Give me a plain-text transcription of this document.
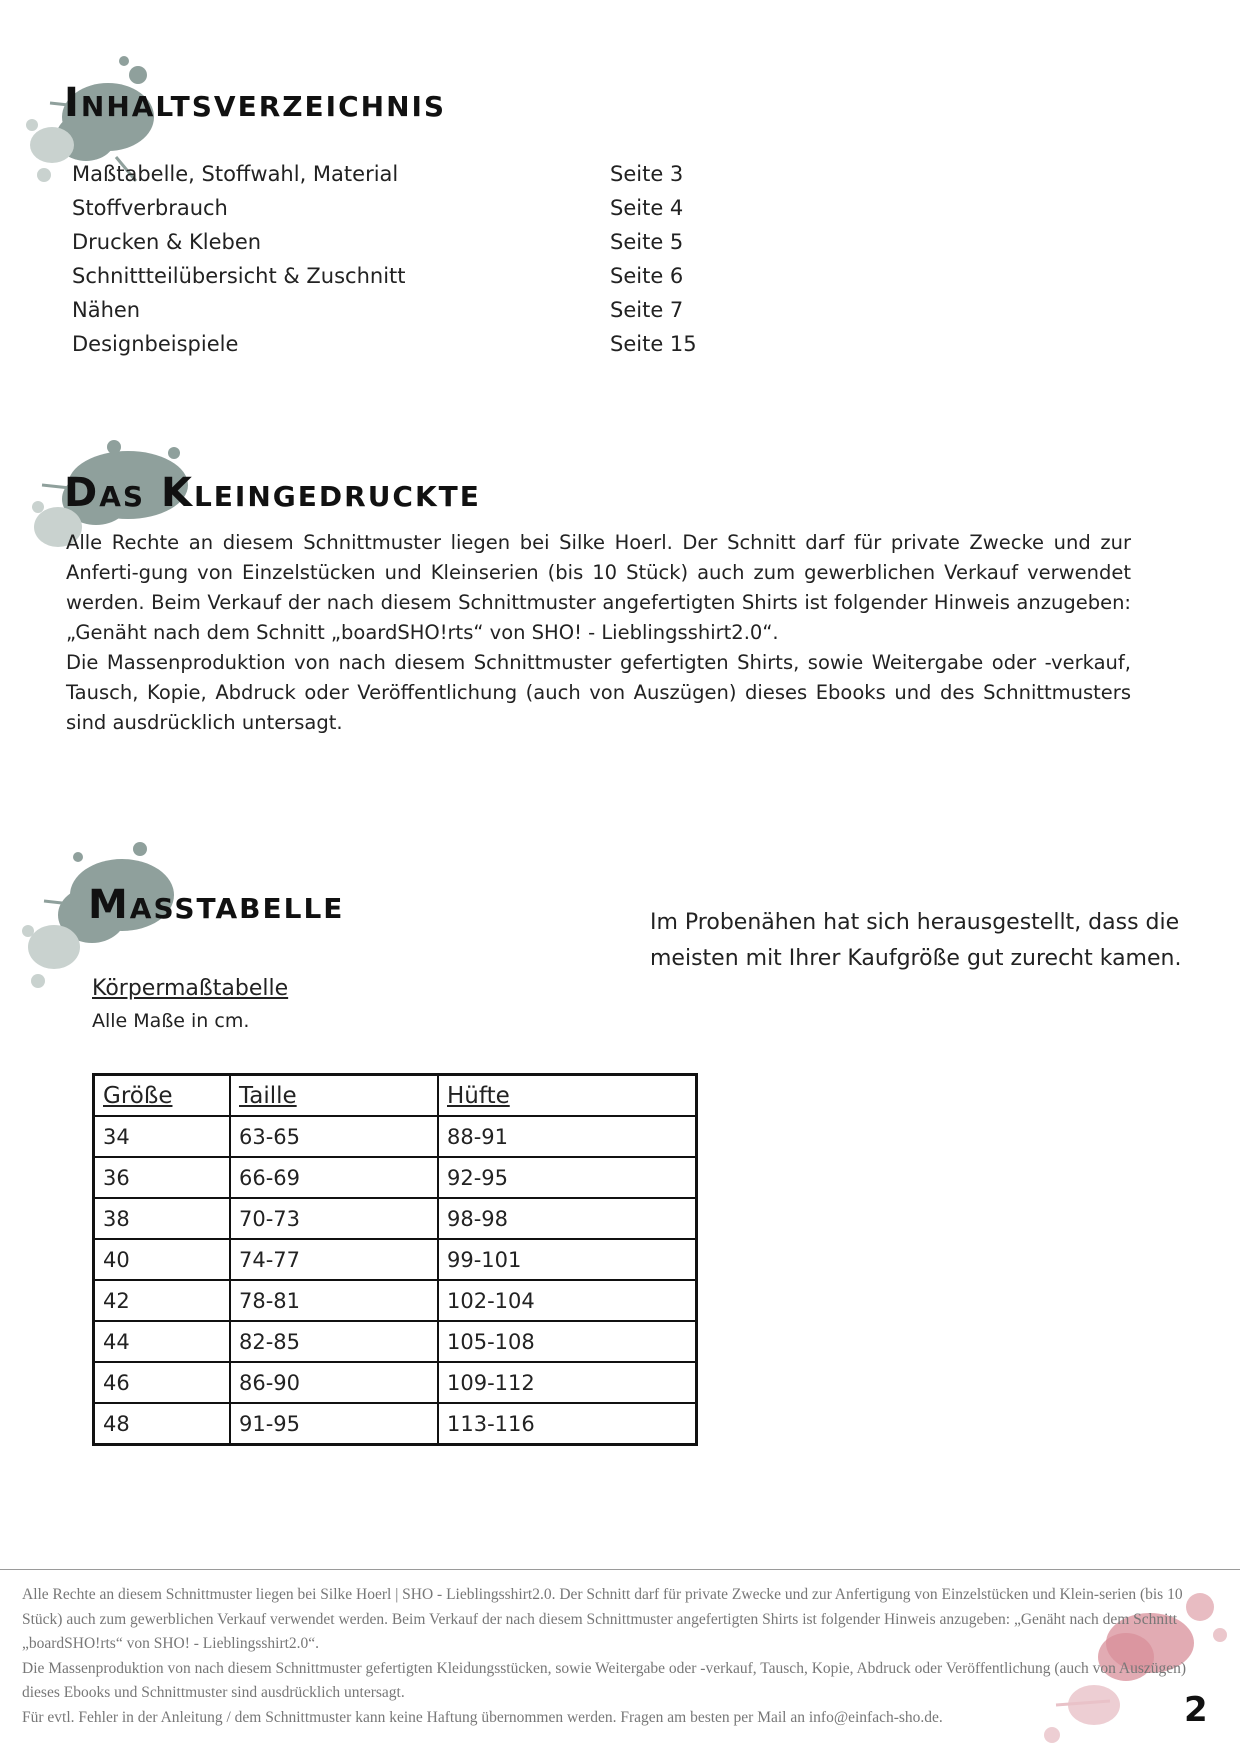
Inhaltsverzeichnis
Maßtabelle, Stoffwahl, Material	Seite 3
Stoffverbrauch	Seite 4
Drucken & Kleben	Seite 5
Schnittteilübersicht & Zuschnitt	Seite 6
Nähen	Seite 7
Designbeispiele	Seite 15
Das Kleingedruckte

Alle Rechte an diesem Schnittmuster liegen bei Silke Hoerl. Der Schnitt darf für private Zwecke und zur Anferti-gung von Einzelstücken und Kleinserien (bis 10 Stück) auch zum gewerblichen Verkauf verwendet werden. Beim Verkauf der nach diesem Schnittmuster angefertigten Shirts ist folgender Hinweis anzugeben: „Genäht nach dem Schnitt „boardSHO!rts“ von SHO! - Lieblingsshirt2.0“.
Die Massenproduktion von nach diesem Schnittmuster gefertigten Shirts, sowie Weitergabe oder -verkauf, Tausch, Kopie, Abdruck oder Veröffentlichung (auch von Auszügen) dieses Ebooks und des Schnittmusters sind ausdrücklich untersagt.

Masstabelle	Im Probenähen hat sich herausgestellt, dass die meisten mit Ihrer Kaufgröße gut zurecht kamen.

Körpermaßtabelle

Alle Maße in cm.

Größe	Taille	Hüfte
34	63-65	88-91
36	66-69	92-95
38	70-73	98-98
40	74-77	99-101
42	78-81	102-104
44	82-85	105-108
46	86-90	109-112
48	91-95	113-116

Alle Rechte an diesem Schnittmuster liegen bei Silke Hoerl | SHO - Lieblingsshirt2.0. Der Schnitt darf für private Zwecke und zur Anfertigung von Einzelstücken und Klein-serien (bis 10 Stück) auch zum gewerblichen Verkauf verwendet werden. Beim Verkauf der nach diesem Schnittmuster angefertigten Shirts ist folgender Hinweis anzugeben: „Genäht nach dem Schnitt „boardSHO!rts“ von SHO! - Lieblingsshirt2.0“.

Die Massenproduktion von nach diesem Schnittmuster gefertigten Kleidungsstücken, sowie Weitergabe oder -verkauf, Tausch, Kopie, Abdruck oder Veröffentlichung (auch von Auszügen) dieses Ebooks und Schnittmuster sind ausdrücklich untersagt.

Für evtl. Fehler in der Anleitung / dem Schnittmuster kann keine Haftung übernommen werden. Fragen am besten per Mail an info@einfach-sho.de.	2
